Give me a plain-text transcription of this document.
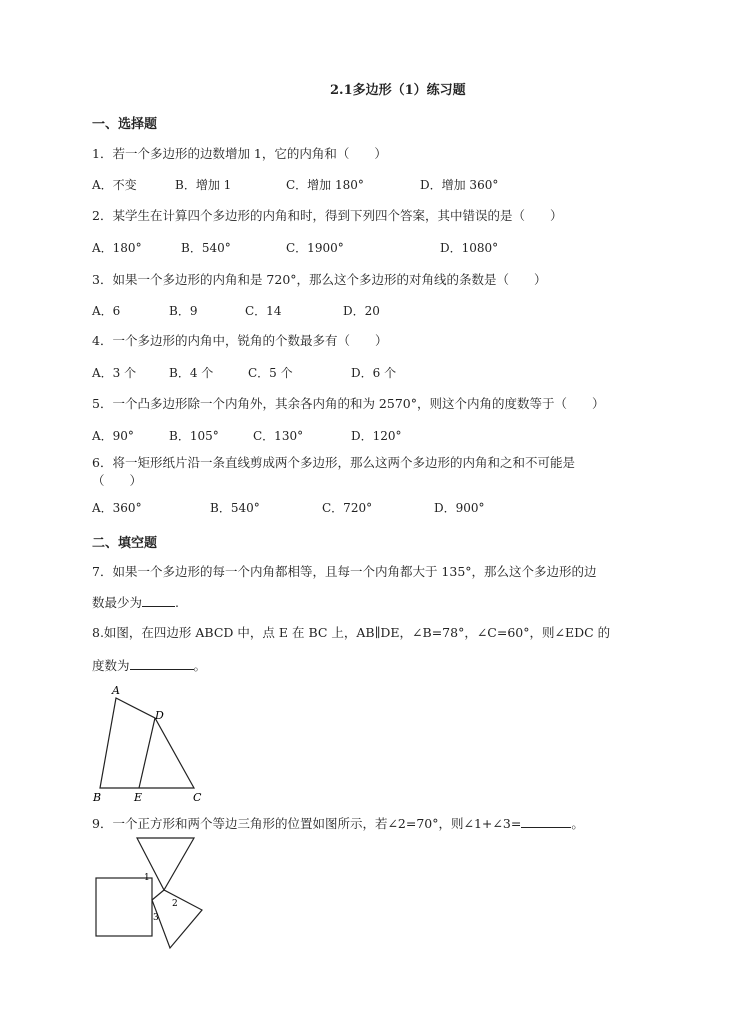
2.1多边形（1）练习题
一、选择题
1．若一个多边形的边数增加 1，它的内角和（　　）
A．不变	B．增加 1	C．增加 180°	D．增加 360°
2．某学生在计算四个多边形的内角和时，得到下列四个答案，其中错误的是（　　）
A．180°	B．540°	C．1900°	D．1080°
3．如果一个多边形的内角和是 720°，那么这个多边形的对角线的条数是（　　）
A．6	B．9	C．14	D．20
4．一个多边形的内角中，锐角的个数最多有（　　）
A．3 个	B．4 个	C．5 个	D．6 个
5．一个凸多边形除一个内角外，其余各内角的和为 2570°，则这个内角的度数等于（　　）
A．90°	B．105°	C．130°	D．120°
6．将一矩形纸片沿一条直线剪成两个多边形，那么这两个多边形的内角和之和不可能是
（　　）
A．360°	B．540°	C．720°	D．900°
二、填空题
7．如果一个多边形的每一个内角都相等，且每一个内角都大于 135°，那么这个多边形的边
数最少为	.
8.如图，在四边形 ABCD 中，点 E 在 BC 上，AB∥DE，∠B=78°，∠C=60°，则∠EDC 的
度数为	。
A
B	C
D
E
9．一个正方形和两个等边三角形的位置如图所示，若∠2=70°，则∠1+∠3=	。
1
2
3
